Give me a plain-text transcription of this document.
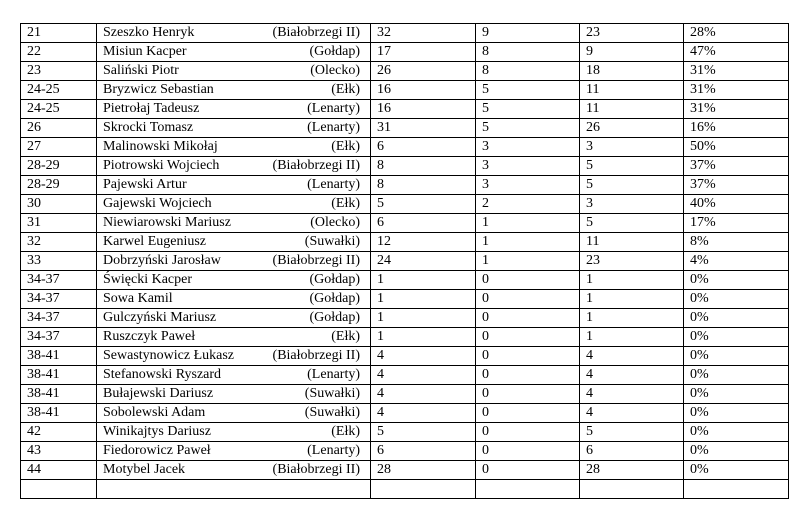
21	Szeszko Henryk (Białobrzegi II)	32	9	23	28%
22	Misiun Kacper (Gołdap)	17	8	9	47%
23	Saliński Piotr (Olecko)	26	8	18	31%
24-25	Bryzwicz Sebastian (Ełk)	16	5	11	31%
24-25	Pietrołaj Tadeusz (Lenarty)	16	5	11	31%
26	Skrocki Tomasz (Lenarty)	31	5	26	16%
27	Malinowski Mikołaj (Ełk)	6	3	3	50%
28-29	Piotrowski Wojciech (Białobrzegi II)	8	3	5	37%
28-29	Pajewski Artur (Lenarty)	8	3	5	37%
30	Gajewski Wojciech (Ełk)	5	2	3	40%
31	Niewiarowski Mariusz (Olecko)	6	1	5	17%
32	Karwel Eugeniusz (Suwałki)	12	1	11	8%
33	Dobrzyński Jarosław (Białobrzegi II)	24	1	23	4%
34-37	Święcki Kacper (Gołdap)	1	0	1	0%
34-37	Sowa Kamil (Gołdap)	1	0	1	0%
34-37	Gulczyński Mariusz (Gołdap)	1	0	1	0%
34-37	Ruszczyk Paweł (Ełk)	1	0	1	0%
38-41	Sewastynowicz Łukasz (Białobrzegi II)	4	0	4	0%
38-41	Stefanowski Ryszard (Lenarty)	4	0	4	0%
38-41	Bułajewski Dariusz (Suwałki)	4	0	4	0%
38-41	Sobolewski Adam (Suwałki)	4	0	4	0%
42	Winikajtys Dariusz (Ełk)	5	0	5	0%
43	Fiedorowicz Paweł (Lenarty)	6	0	6	0%
44	Motybel Jacek (Białobrzegi II)	28	0	28	0%
